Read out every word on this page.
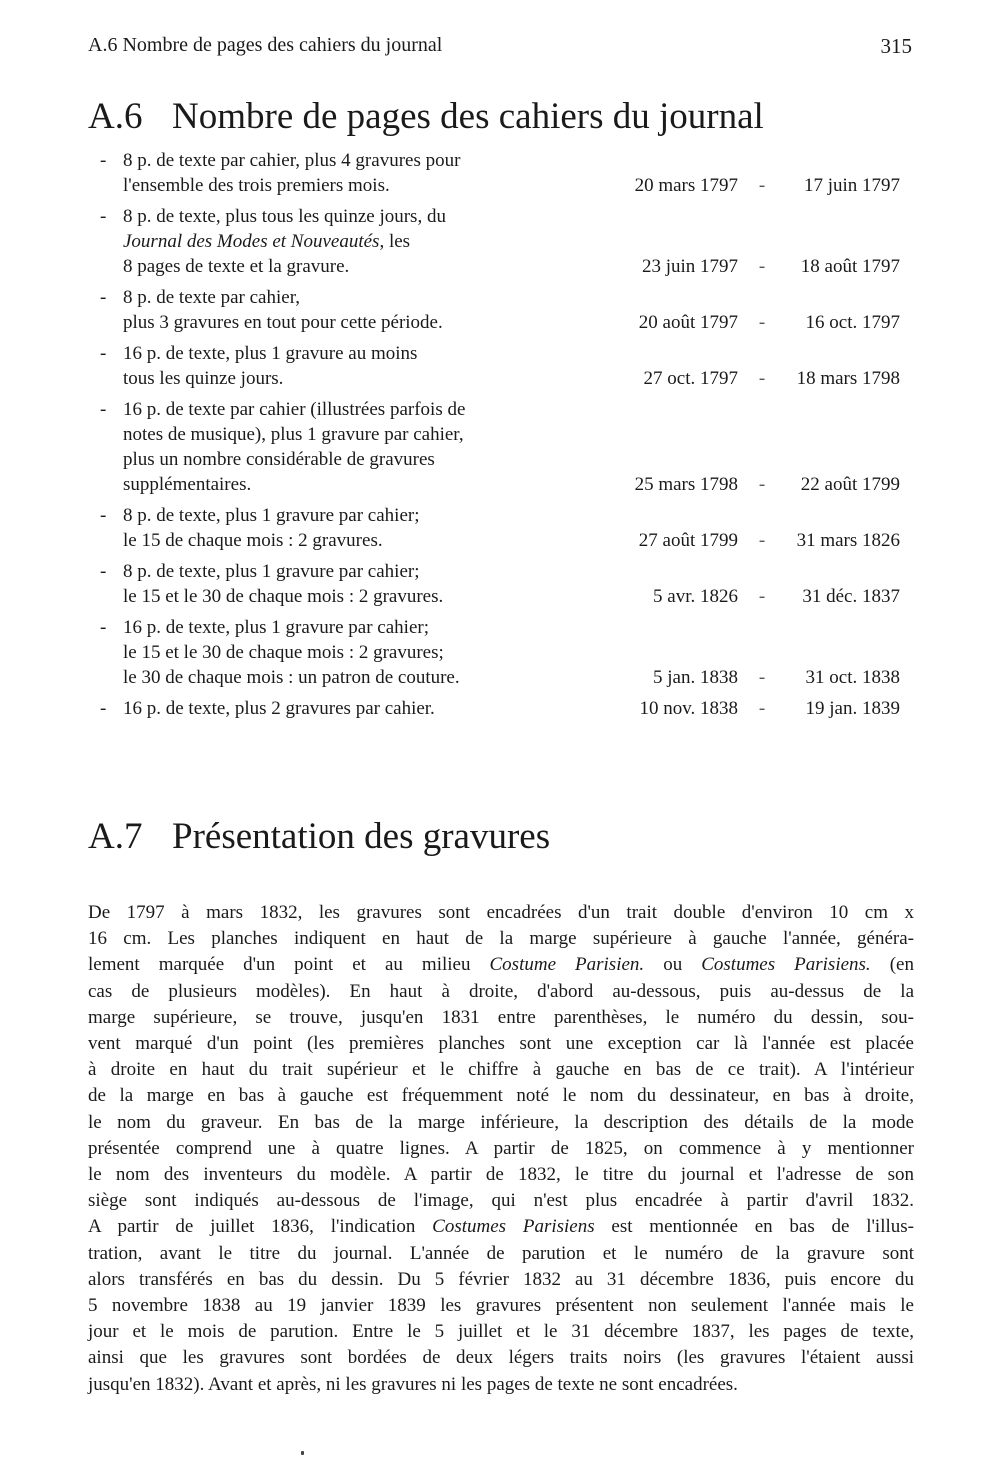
A.6 Nombre de pages des cahiers du journal	315
A.6 Nombre de pages des cahiers du journal
- 8 p. de texte par cahier, plus 4 gravures pour
l'ensemble des trois premiers mois.	20 mars 1797 -	17 juin 1797
- 8 p. de texte, plus tous les quinze jours, du
Journal des Modes et Nouveautés, les
8 pages de texte et la gravure.	23 juin 1797 -	18 août 1797
- 8 p. de texte par cahier,
plus 3 gravures en tout pour cette période.	20 août 1797 -	16 oct. 1797
- 16 p. de texte, plus 1 gravure au moins
tous les quinze jours.	27 oct. 1797 -	18 mars 1798
- 16 p. de texte par cahier (illustrées parfois de
notes de musique), plus 1 gravure par cahier,
plus un nombre considérable de gravures
supplémentaires.	25 mars 1798 -	22 août 1799
- 8 p. de texte, plus 1 gravure par cahier;
le 15 de chaque mois : 2 gravures.	27 août 1799 -	31 mars 1826
- 8 p. de texte, plus 1 gravure par cahier;
le 15 et le 30 de chaque mois : 2 gravures.	5 avr. 1826 -	31 déc. 1837
- 16 p. de texte, plus 1 gravure par cahier;
le 15 et le 30 de chaque mois : 2 gravures;
le 30 de chaque mois : un patron de couture.	5 jan. 1838 -	31 oct. 1838
- 16 p. de texte, plus 2 gravures par cahier.	10 nov. 1838 -	19 jan. 1839
A.7 Présentation des gravures

De 1797 à mars 1832, les gravures sont encadrées d'un trait double d'environ 10 cm x
16 cm. Les planches indiquent en haut de la marge supérieure à gauche l'année, généra-
lement marquée d'un point et au milieu Costume Parisien. ou Costumes Parisiens. (en
cas de plusieurs modèles). En haut à droite, d'abord au-dessous, puis au-dessus de la
marge supérieure, se trouve, jusqu'en 1831 entre parenthèses, le numéro du dessin, sou-
vent marqué d'un point (les premières planches sont une exception car là l'année est placée
à droite en haut du trait supérieur et le chiffre à gauche en bas de ce trait). A l'intérieur
de la marge en bas à gauche est fréquemment noté le nom du dessinateur, en bas à droite,
le nom du graveur. En bas de la marge inférieure, la description des détails de la mode
présentée comprend une à quatre lignes. A partir de 1825, on commence à y mentionner
le nom des inventeurs du modèle. A partir de 1832, le titre du journal et l'adresse de son
siège sont indiqués au-dessous de l'image, qui n'est plus encadrée à partir d'avril 1832.
A partir de juillet 1836, l'indication Costumes Parisiens est mentionnée en bas de l'illus-
tration, avant le titre du journal. L'année de parution et le numéro de la gravure sont
alors transférés en bas du dessin. Du 5 février 1832 au 31 décembre 1836, puis encore du
5 novembre 1838 au 19 janvier 1839 les gravures présentent non seulement l'année mais le
jour et le mois de parution. Entre le 5 juillet et le 31 décembre 1837, les pages de texte,
ainsi que les gravures sont bordées de deux légers traits noirs (les gravures l'étaient aussi
jusqu'en 1832). Avant et après, ni les gravures ni les pages de texte ne sont encadrées.
